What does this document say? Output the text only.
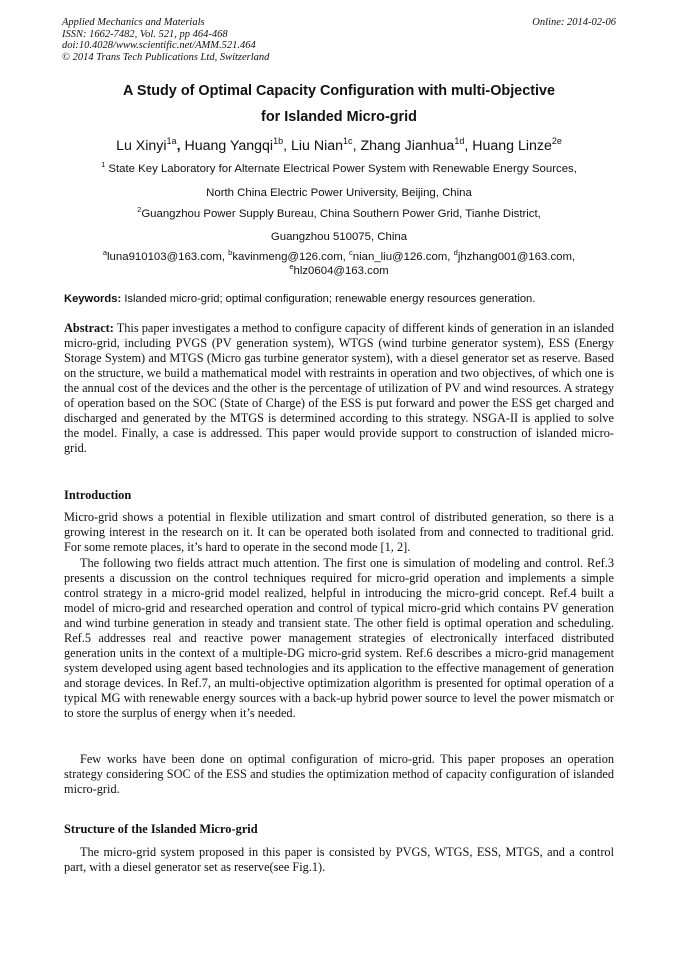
Applied Mechanics and Materials
ISSN: 1662-7482, Vol. 521, pp 464-468
doi:10.4028/www.scientific.net/AMM.521.464
© 2014 Trans Tech Publications Ltd, Switzerland
Online: 2014-02-06
A Study of Optimal Capacity Configuration with multi-Objective
for Islanded Micro-grid
Lu Xinyi$^{1a}$, Huang Yangqi$^{1b}$, Liu Nian$^{1c}$, Zhang Jianhua$^{1d}$, Huang Linze$^{2e}$
$^1$ State Key Laboratory for Alternate Electrical Power System with Renewable Energy Sources,
North China Electric Power University, Beijing, China
$^2$Guangzhou Power Supply Bureau, China Southern Power Grid, Tianhe District,
Guangzhou 510075, China
$^a$luna910103@163.com, $^b$kavinmeng@126.com, $^c$nian_liu@126.com, $^d$jhzhang001@163.com,
$^e$hlz0604@163.com
Keywords: Islanded micro-grid; optimal configuration; renewable energy resources generation.
Abstract: This paper investigates a method to configure capacity of different kinds of generation in an islanded micro-grid, including PVGS (PV generation system), WTGS (wind turbine generator system), ESS (Energy Storage System) and MTGS (Micro gas turbine generator system), with a diesel generator set as reserve. Based on the structure, we build a mathematical model with restraints in operation and two objectives, of which one is the annual cost of the devices and the other is the percentage of utilization of PV and wind resources. A strategy of operation based on the SOC (State of Charge) of the ESS is put forward and power the ESS get charged and discharged and generated by the MTGS is determined according to this strategy. NSGA-II is applied to solve the model. Finally, a case is addressed. This paper would provide support to construction of islanded micro-grid.
Introduction
Micro-grid shows a potential in flexible utilization and smart control of distributed generation, so there is a growing interest in the research on it. It can be operated both isolated from and connected to traditional grid. For some remote places, it’s hard to operate in the second mode [1, 2].
The following two fields attract much attention. The first one is simulation of modeling and control. Ref.3 presents a discussion on the control techniques required for micro-grid operation and implements a simple control strategy in a micro-grid model realized, helpful in introducing the micro-grid concept. Ref.4 built a model of micro-grid and researched operation and control of typical micro-grid which contains PV generation and wind turbine generation in steady and transient state. The other field is optimal operation and scheduling. Ref.5 addresses real and reactive power management strategies of electronically interfaced distributed generation units in the context of a multiple-DG micro-grid system. Ref.6 describes a micro-grid management system developed using agent based technologies and its application to the effective management of generation and storage devices. In Ref.7, an multi-objective optimization algorithm is presented for optimal operation of a typical MG with renewable energy sources with a back-up hybrid power source to level the power mismatch or to store the surplus of energy when it’s needed.
Few works have been done on optimal configuration of micro-grid. This paper proposes an operation strategy considering SOC of the ESS and studies the optimization method of capacity configuration of islanded micro-grid.
Structure of the Islanded Micro-grid
The micro-grid system proposed in this paper is consisted by PVGS, WTGS, ESS, MTGS, and a control part, with a diesel generator set as reserve(see Fig.1).
